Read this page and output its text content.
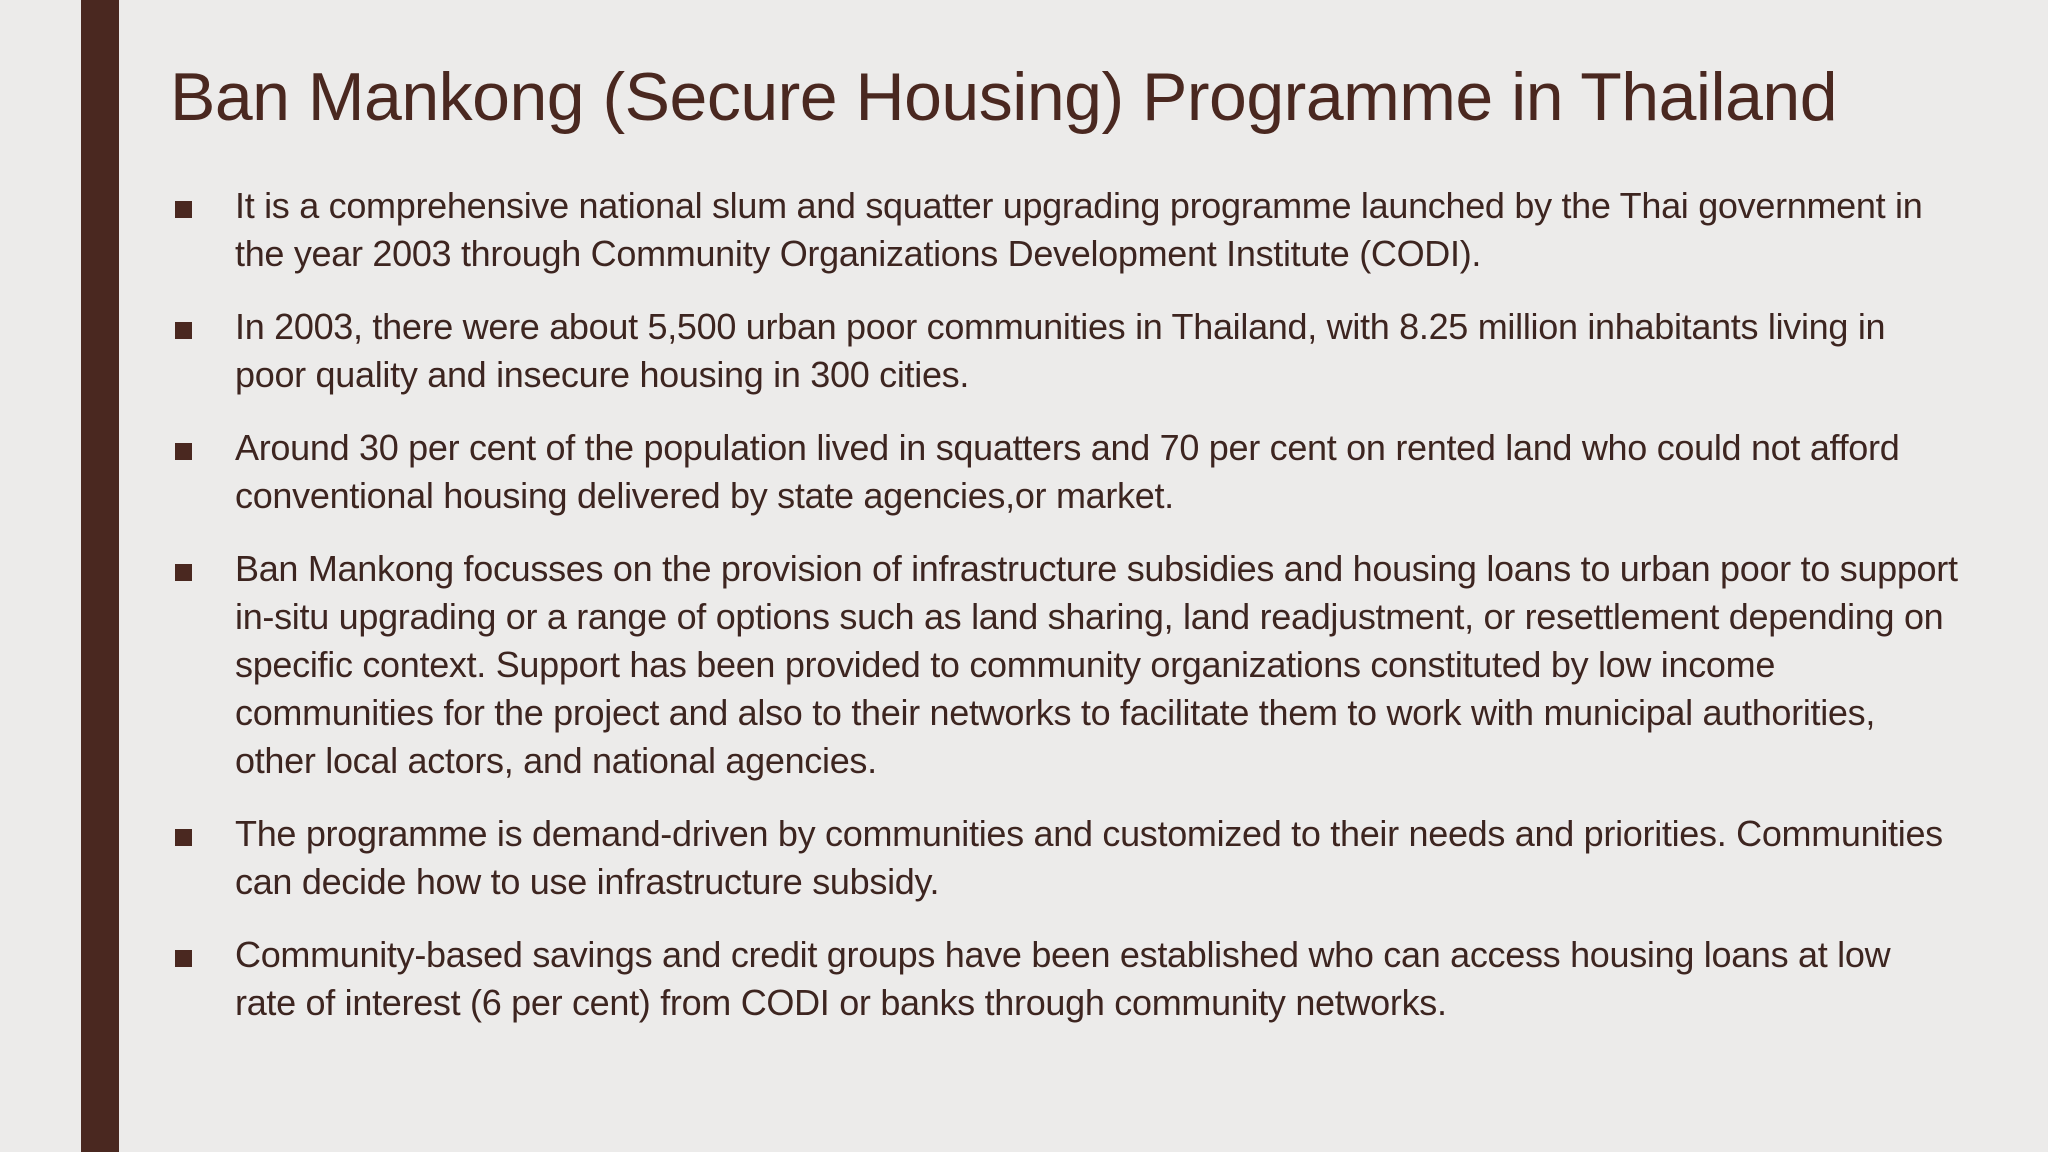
Ban Mankong (Secure Housing) Programme in Thailand
It is a comprehensive national slum and squatter upgrading programme launched by the Thai government in the year 2003 through Community Organizations Development Institute (CODI).
In 2003, there were about 5,500 urban poor communities in Thailand, with 8.25 million inhabitants living in poor quality and insecure housing in 300 cities.
Around 30 per cent of the population lived in squatters and 70 per cent on rented land who could not afford conventional housing delivered by state agencies,or market.
Ban Mankong focusses on the provision of infrastructure subsidies and housing loans to urban poor to support in-situ upgrading or a range of options such as land sharing, land readjustment, or resettlement depending on specific context. Support has been provided to community organizations constituted by low income communities for the project and also to their networks to facilitate them to work with municipal authorities, other local actors, and national agencies.
The programme is demand-driven by communities and customized to their needs and priorities. Communities can decide how to use infrastructure subsidy.
Community-based savings and credit groups have been established who can access housing loans at low rate of interest (6 per cent) from CODI or banks through community networks.
